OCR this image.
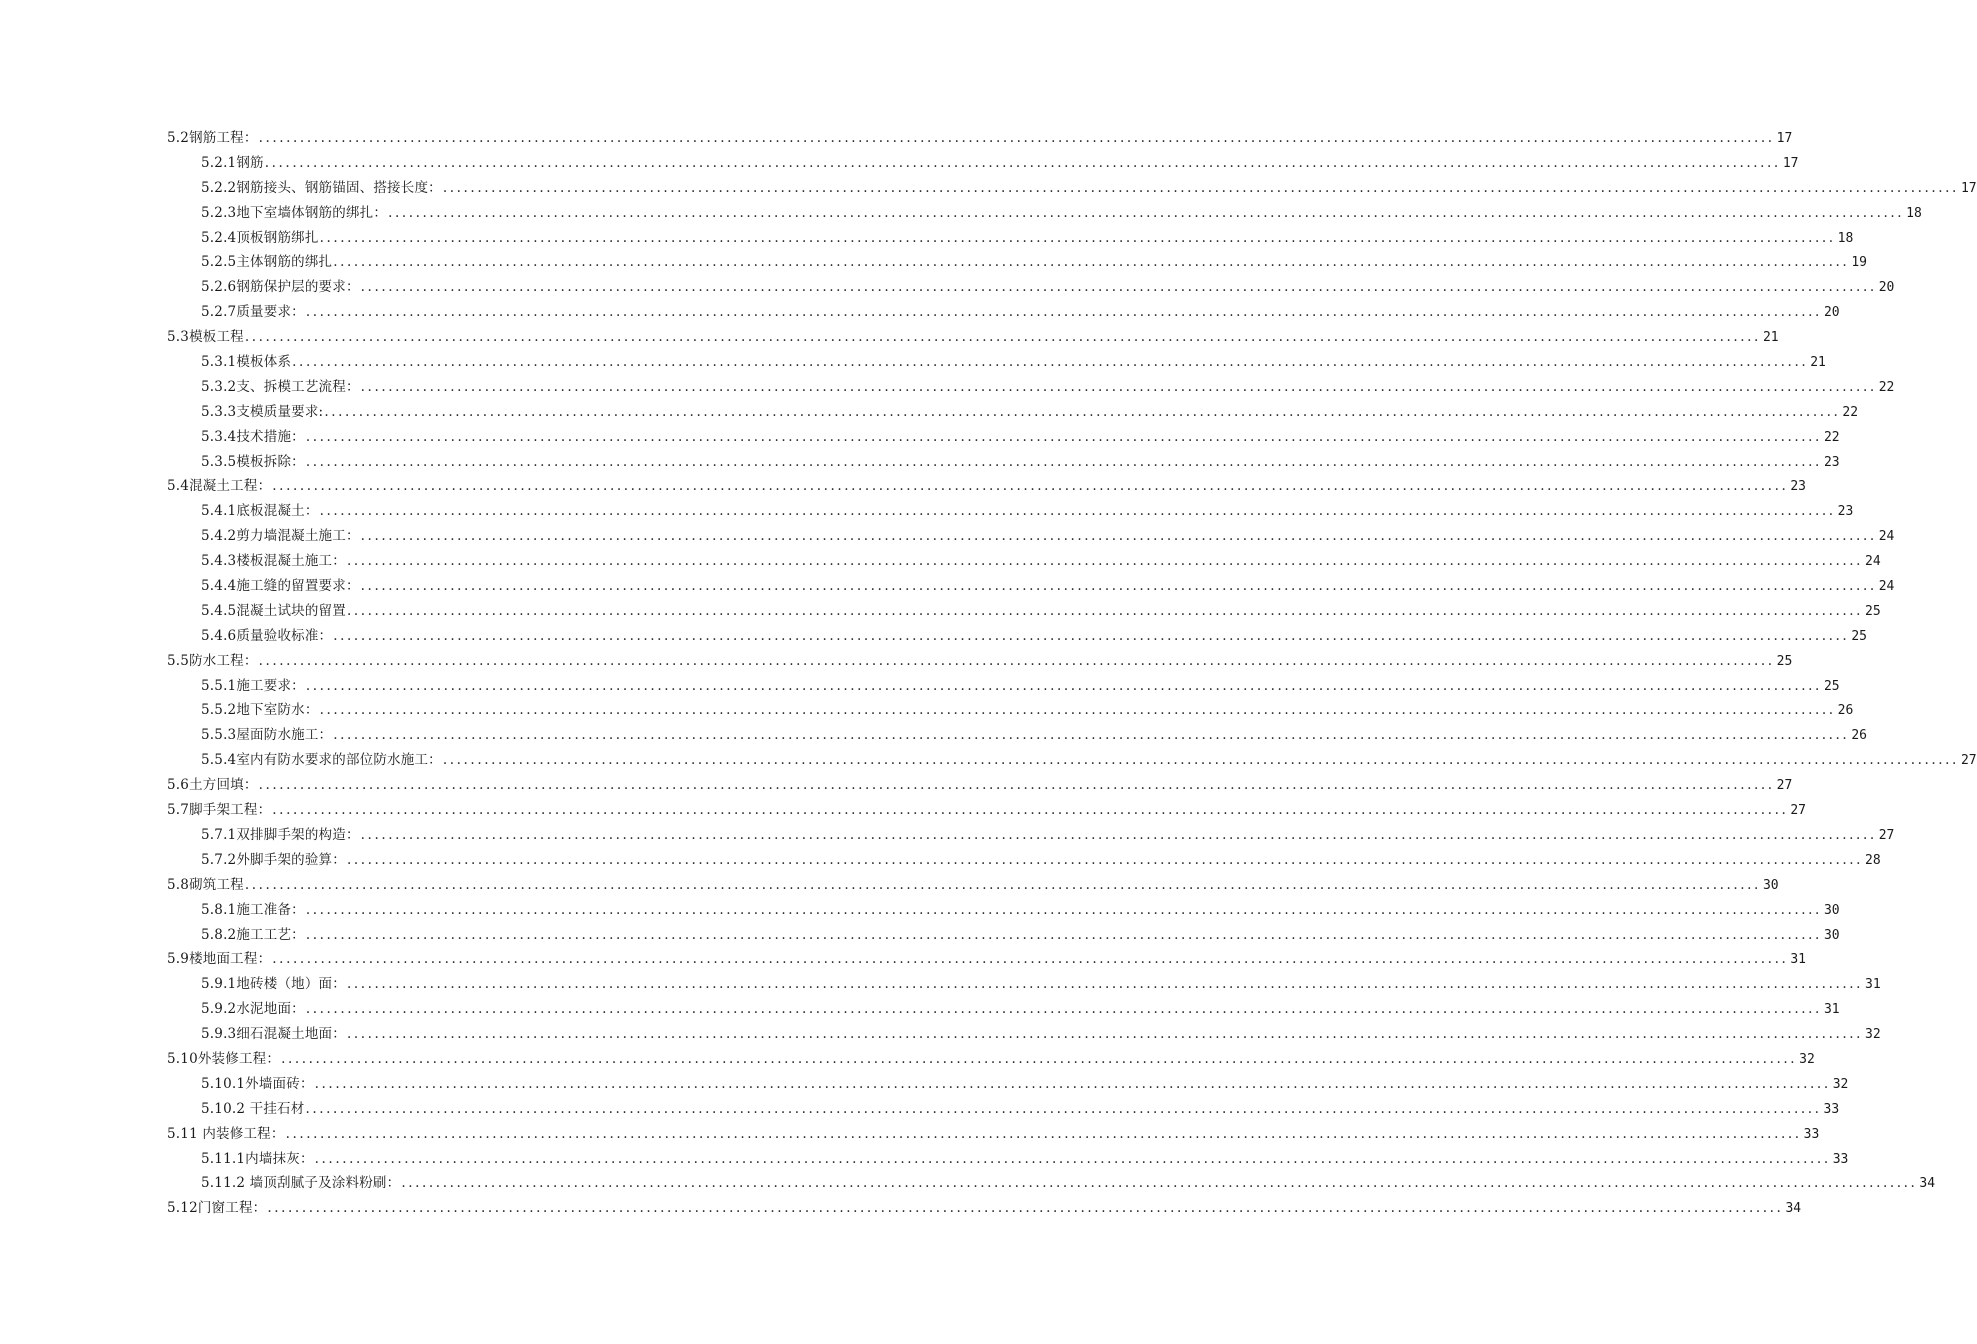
5.2钢筋工程： ............................................................................................................................................................................................................................ 17
5.2.1钢筋 ............................................................................................................................................................................................................................ 17
5.2.2钢筋接头、钢筋锚固、搭接长度： ............................................................................................................................................................................................................................ 17
5.2.3地下室墙体钢筋的绑扎： ............................................................................................................................................................................................................................ 18
5.2.4顶板钢筋绑扎 ............................................................................................................................................................................................................................ 18
5.2.5主体钢筋的绑扎 ............................................................................................................................................................................................................................ 19
5.2.6钢筋保护层的要求： ............................................................................................................................................................................................................................ 20
5.2.7质量要求： ............................................................................................................................................................................................................................ 20
5.3模板工程 ............................................................................................................................................................................................................................ 21
5.3.1模板体系 ............................................................................................................................................................................................................................ 21
5.3.2支、拆模工艺流程： ............................................................................................................................................................................................................................ 22
5.3.3支模质量要求: ............................................................................................................................................................................................................................ 22
5.3.4技术措施： ............................................................................................................................................................................................................................ 22
5.3.5模板拆除： ............................................................................................................................................................................................................................ 23
5.4混凝土工程： ............................................................................................................................................................................................................................ 23
5.4.1底板混凝土： ............................................................................................................................................................................................................................ 23
5.4.2剪力墙混凝土施工： ............................................................................................................................................................................................................................ 24
5.4.3楼板混凝土施工： ............................................................................................................................................................................................................................ 24
5.4.4施工缝的留置要求： ............................................................................................................................................................................................................................ 24
5.4.5混凝土试块的留置 ............................................................................................................................................................................................................................ 25
5.4.6质量验收标准： ............................................................................................................................................................................................................................ 25
5.5防水工程： ............................................................................................................................................................................................................................ 25
5.5.1施工要求： ............................................................................................................................................................................................................................ 25
5.5.2地下室防水： ............................................................................................................................................................................................................................ 26
5.5.3屋面防水施工： ............................................................................................................................................................................................................................ 26
5.5.4室内有防水要求的部位防水施工： ............................................................................................................................................................................................................................ 27
5.6土方回填： ............................................................................................................................................................................................................................ 27
5.7脚手架工程： ............................................................................................................................................................................................................................ 27
5.7.1双排脚手架的构造： ............................................................................................................................................................................................................................ 27
5.7.2外脚手架的验算： ............................................................................................................................................................................................................................ 28
5.8砌筑工程 ............................................................................................................................................................................................................................ 30
5.8.1施工准备： ............................................................................................................................................................................................................................ 30
5.8.2施工工艺： ............................................................................................................................................................................................................................ 30
5.9楼地面工程： ............................................................................................................................................................................................................................ 31
5.9.1地砖楼（地）面： ............................................................................................................................................................................................................................ 31
5.9.2水泥地面： ............................................................................................................................................................................................................................ 31
5.9.3细石混凝土地面： ............................................................................................................................................................................................................................ 32
5.10外装修工程： ............................................................................................................................................................................................................................ 32
5.10.1外墙面砖： ............................................................................................................................................................................................................................ 32
5.10.2 干挂石材 ............................................................................................................................................................................................................................ 33
5.11 内装修工程： ............................................................................................................................................................................................................................ 33
5.11.1内墙抹灰： ............................................................................................................................................................................................................................ 33
5.11.2 墙顶刮腻子及涂料粉刷： ............................................................................................................................................................................................................................ 34
5.12门窗工程： ............................................................................................................................................................................................................................ 34
